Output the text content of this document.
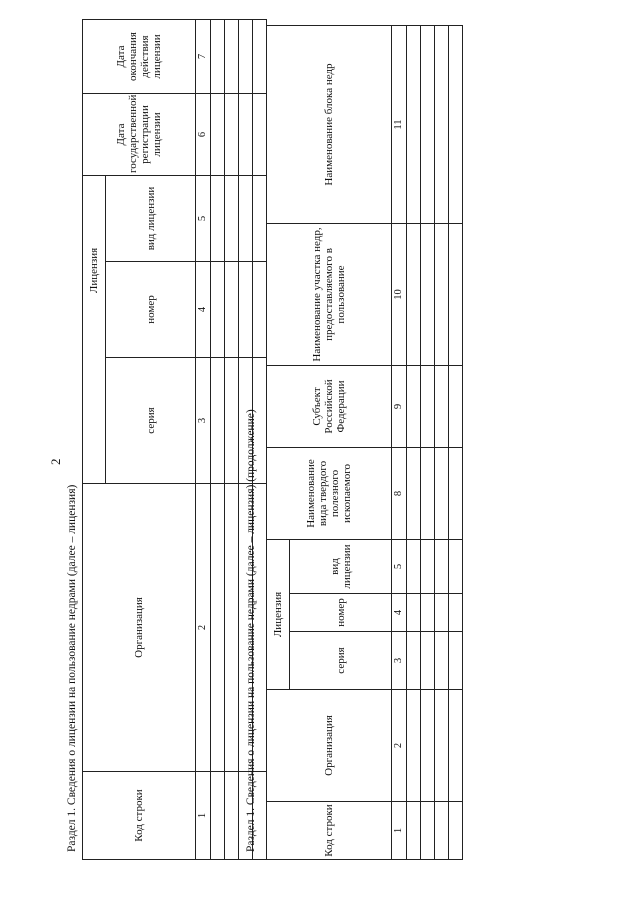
2
Раздел 1. Сведения о лицензии на пользование недрами (далее – лицензия)	Код строки	Организация	Лицензия			Дата государственной регистрации лицензии	Дата окончания действия лицензии
		серия	номер	вид лицензии		
1	2	3	4	5	6	7

Раздел 1. Сведения о лицензии на пользование недрами (далее – лицензия) (продолжение)	Код строки	Организация	Лицензия			Наименование вида твердого полезного ископаемого	Субъект Российской Федерации	Наименование участка недр, предоставляемого в пользование	Наименование блока недр
		серия	номер	вид лицензии				
1	2	3	4	5	8	9	10	11
